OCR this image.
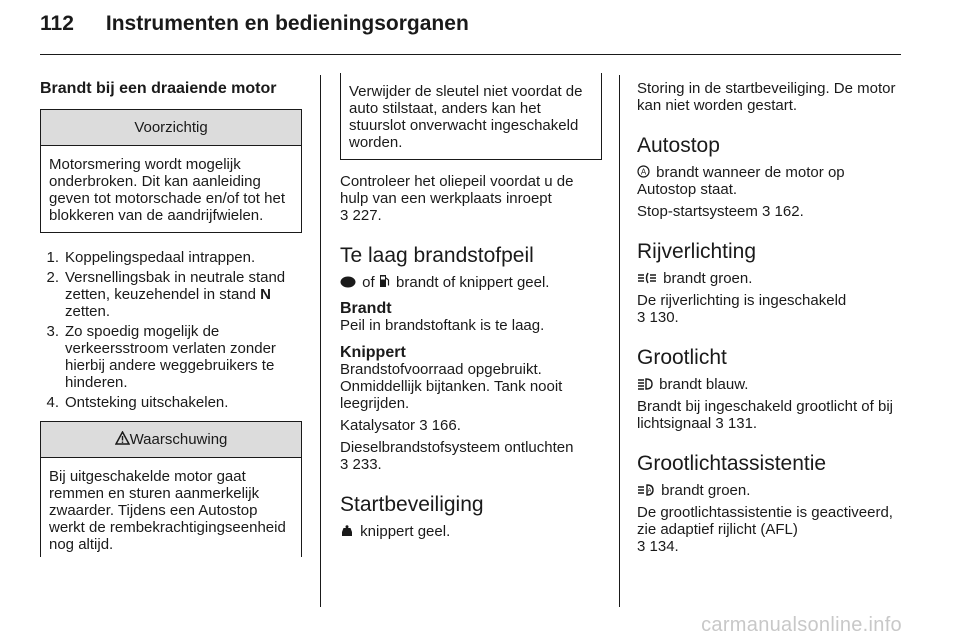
112 Instrumenten en bedieningsorganen
Brandt bij een draaiende motor
Voorzichtig
Motorsmering wordt mogelijk onderbroken. Dit kan aanleiding geven tot motorschade en/of tot het blokkeren van de aandrijfwielen.
1. Koppelingspedaal intrappen.
2. Versnellingsbak in neutrale stand zetten, keuzehendel in stand N zetten.
3. Zo spoedig mogelijk de verkeersstroom verlaten zonder hierbij andere weggebruikers te hinderen.
4. Ontsteking uitschakelen.
Waarschuwing
Bij uitgeschakelde motor gaat remmen en sturen aanmerkelijk zwaarder. Tijdens een Autostop werkt de rembekrachtigingseenheid nog altijd.
Verwijder de sleutel niet voordat de auto stilstaat, anders kan het stuurslot onverwacht ingeschakeld worden.

Controleer het oliepeil voordat u de hulp van een werkplaats inroept

3 227.

Te laag brandstofpeil

of brandt of knippert geel.

Brandt

Peil in brandstoftank is te laag.

Knippert

Brandstofvoorraad opgebruikt. Onmiddellijk bijtanken. Tank nooit leegrijden.

Katalysator 3 166.

Dieselbrandstofsysteem ontluchten

3 233.

Startbeveiliging

knippert geel.

Storing in de startbeveiliging. De motor kan niet worden gestart.

Autostop

A brandt wanneer de motor op Autostop staat.

Stop-startsysteem 3 162.

Rijverlichting

brandt groen.

De rijverlichting is ingeschakeld

3 130.

Grootlicht

brandt blauw.

Brandt bij ingeschakeld grootlicht of bij lichtsignaal 3 131.

Grootlichtassistentie

A brandt groen.

De grootlichtassistentie is geactiveerd, zie adaptief rijlicht (AFL)

3 134.

carmanualsonline.info
